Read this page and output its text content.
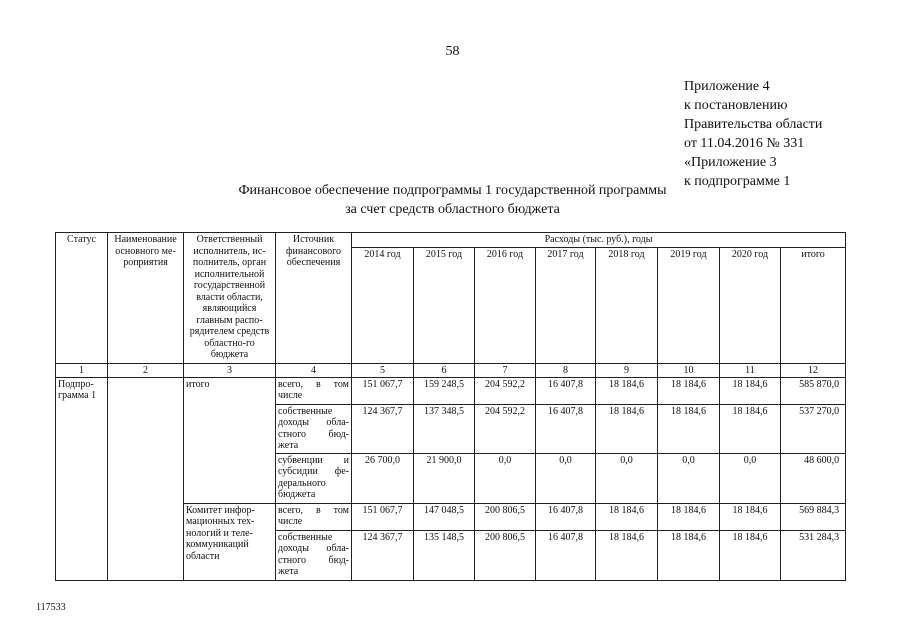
58
Приложение 4
к постановлению
Правительства области
от 11.04.2016 № 331
«Приложение 3
к подпрограмме 1
Финансовое обеспечение подпрограммы 1 государственной программы
за счет средств областного бюджета
Статус	Наименование основного ме-роприятия	Ответственный исполнитель, ис-полнитель, орган исполнительной государственной власти области, являющийся главным распо-рядителем средств областно-го бюджета	Источник финансового обеспечения	Расходы (тыс. руб.), годы							
				2014 год	2015 год	2016 год	2017 год	2018 год	2019 год	2020 год	итого
1	2	3	4	5	6	7	8	9	10	11	12
Подпро-грамма 1		итого	всего, в том числе	151 067,7	159 248,5	204 592,2	16 407,8	18 184,6	18 184,6	18 184,6	585 870,0
			собственные доходы обла-стного бюд-жета	124 367,7	137 348,5	204 592,2	16 407,8	18 184,6	18 184,6	18 184,6	537 270,0
			субвенции и субсидии фе-дерального бюджета	26 700,0	21 900,0	0,0	0,0	0,0	0,0	0,0	48 600,0
		Комитет инфор-мационных тех-нологий и теле-коммуникаций области	всего, в том числе	151 067,7	147 048,5	200 806,5	16 407,8	18 184,6	18 184,6	18 184,6	569 884,3
			собственные доходы обла-стного бюд-жета	124 367,7	135 148,5	200 806,5	16 407,8	18 184,6	18 184,6	18 184,6	531 284,3
117533
